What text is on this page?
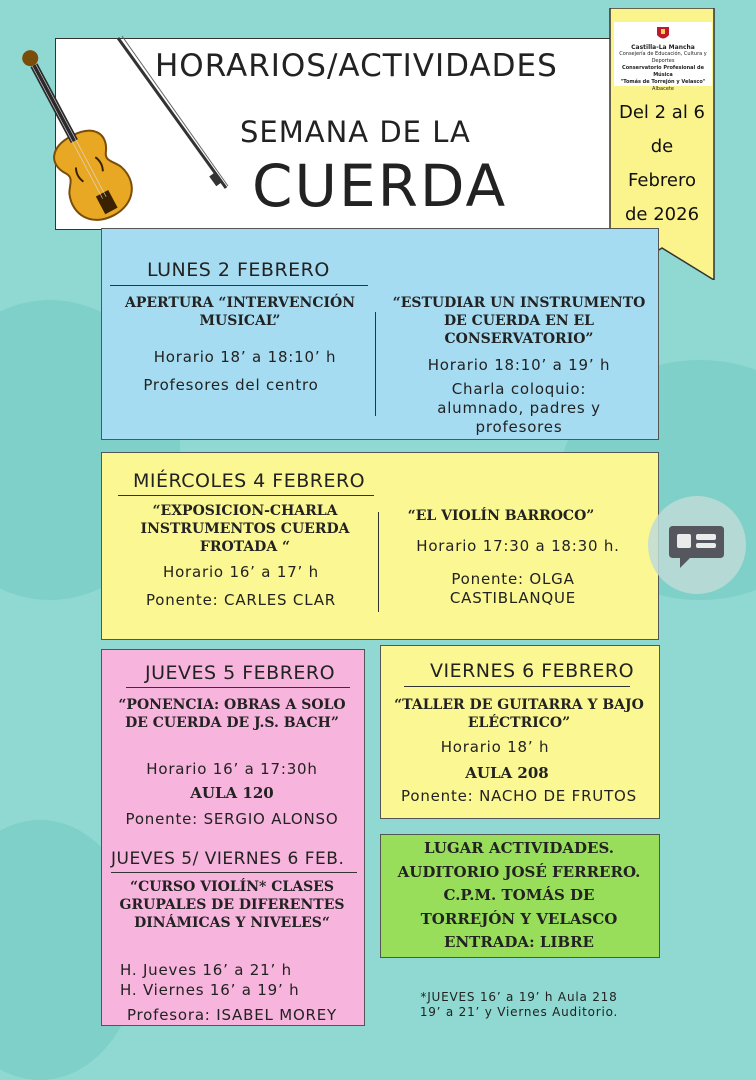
HORARIOS/ACTIVIDADES
SEMANA DE LA
CUERDA
Castilla-La Mancha
Consejería de Educación, Cultura y Deportes
Conservatorio Profesional de Música
"Tomás de Torrejón y Velasco"
Albacete
Del 2 al 6
de
Febrero
de 2026
LUNES 2 FEBRERO
APERTURA “INTERVENCIÓN MUSICAL”
Horario 18’ a 18:10’ h
Profesores del centro
“ESTUDIAR UN INSTRUMENTO DE CUERDA EN EL CONSERVATORIO”
Horario 18:10’ a 19’ h
Charla coloquio: alumnado, padres y profesores
MIÉRCOLES 4 FEBRERO
“EXPOSICION-CHARLA INSTRUMENTOS CUERDA FROTADA “
Horario 16’ a 17’ h
Ponente: CARLES CLAR
“EL VIOLÍN BARROCO”
Horario 17:30 a 18:30 h.
Ponente: OLGA CASTIBLANQUE
JUEVES 5 FEBRERO
“PONENCIA: OBRAS A SOLO DE CUERDA DE J.S. BACH”
Horario 16’ a 17:30h
AULA 120
Ponente: SERGIO ALONSO
JUEVES 5/ VIERNES 6 FEB.
“CURSO VIOLÍN* CLASES GRUPALES DE DIFERENTES DINÁMICAS Y NIVELES“
H. Jueves 16’ a 21’ h
H. Viernes 16’ a 19’ h
Profesora: ISABEL MOREY
VIERNES 6 FEBRERO
“TALLER DE GUITARRA Y BAJO ELÉCTRICO”
Horario 18’ h
AULA 208
Ponente: NACHO DE FRUTOS
LUGAR ACTIVIDADES.
AUDITORIO JOSÉ FERRERO.
C.P.M. TOMÁS DE
TORREJÓN Y VELASCO
ENTRADA: LIBRE
*JUEVES 16’ a 19’ h Aula 218
19’ a 21’ y Viernes Auditorio.
